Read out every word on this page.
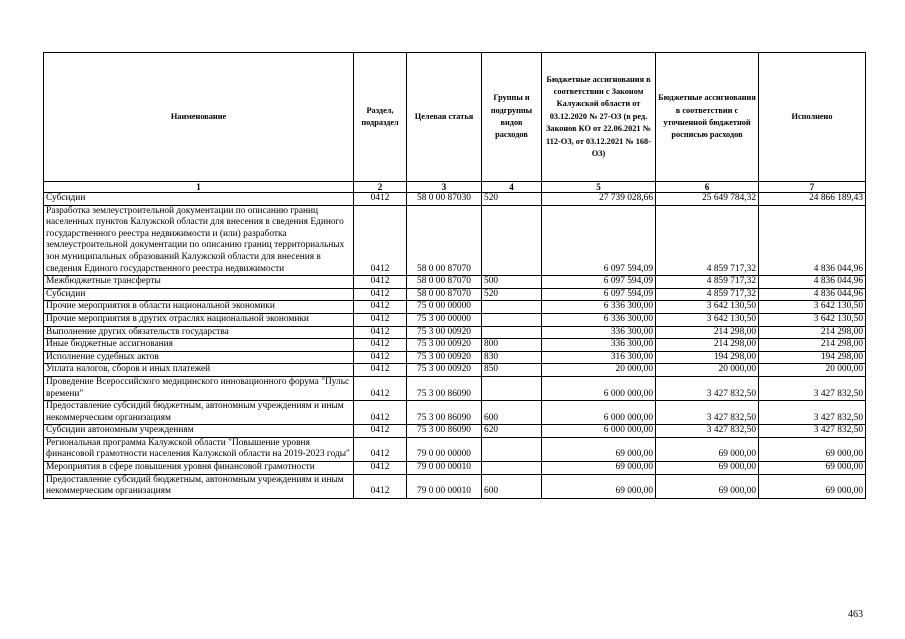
Наименование	Раздел, подраздел	Целевая статья	Группы и подгруппы видов расходов	Бюджетные ассигнования в соответствии с Законом Калужской области от 03.12.2020 № 27-ОЗ (в ред. Законов КО от 22.06.2021 № 112-ОЗ, от 03.12.2021 № 168-ОЗ)	Бюджетные ассигнования в соответствии с уточненной бюджетной росписью расходов	Исполнено
1	2	3	4	5	6	7
Субсидии	0412	58 0 00 87030	520	27 739 028,66	25 649 784,32	24 866 189,43
Разработка землеустроительной документации по описанию границ населенных пунктов Калужской области для внесения в сведения Единого государственного реестра недвижимости и (или) разработка землеустроительной документации по описанию границ территориальных зон муниципальных образований Калужской области для внесения в сведения Единого государственного реестра недвижимости	0412	58 0 00 87070		6 097 594,09	4 859 717,32	4 836 044,96
Межбюджетные трансферты	0412	58 0 00 87070	500	6 097 594,09	4 859 717,32	4 836 044,96
Субсидии	0412	58 0 00 87070	520	6 097 594,09	4 859 717,32	4 836 044,96
Прочие мероприятия в области национальной экономики	0412	75 0 00 00000		6 336 300,00	3 642 130,50	3 642 130,50
Прочие мероприятия в других отраслях национальной экономики	0412	75 3 00 00000		6 336 300,00	3 642 130,50	3 642 130,50
Выполнение других обязательств государства	0412	75 3 00 00920		336 300,00	214 298,00	214 298,00
Иные бюджетные ассигнования	0412	75 3 00 00920	800	336 300,00	214 298,00	214 298,00
Исполнение судебных актов	0412	75 3 00 00920	830	316 300,00	194 298,00	194 298,00
Уплата налогов, сборов и иных платежей	0412	75 3 00 00920	850	20 000,00	20 000,00	20 000,00
Проведение Всероссийского медицинского инновационного форума "Пульс времени"	0412	75 3 00 86090		6 000 000,00	3 427 832,50	3 427 832,50
Предоставление субсидий бюджетным, автономным учреждениям и иным некоммерческим организациям	0412	75 3 00 86090	600	6 000 000,00	3 427 832,50	3 427 832,50
Субсидии автономным учреждениям	0412	75 3 00 86090	620	6 000 000,00	3 427 832,50	3 427 832,50
Региональная программа Калужской области "Повышение уровня финансовой грамотности населения Калужской области на 2019-2023 годы"	0412	79 0 00 00000		69 000,00	69 000,00	69 000,00
Мероприятия в сфере повышения уровня финансовой грамотности	0412	79 0 00 00010		69 000,00	69 000,00	69 000,00
Предоставление субсидий бюджетным, автономным учреждениям и иным некоммерческим организациям	0412	79 0 00 00010	600	69 000,00	69 000,00	69 000,00
463
